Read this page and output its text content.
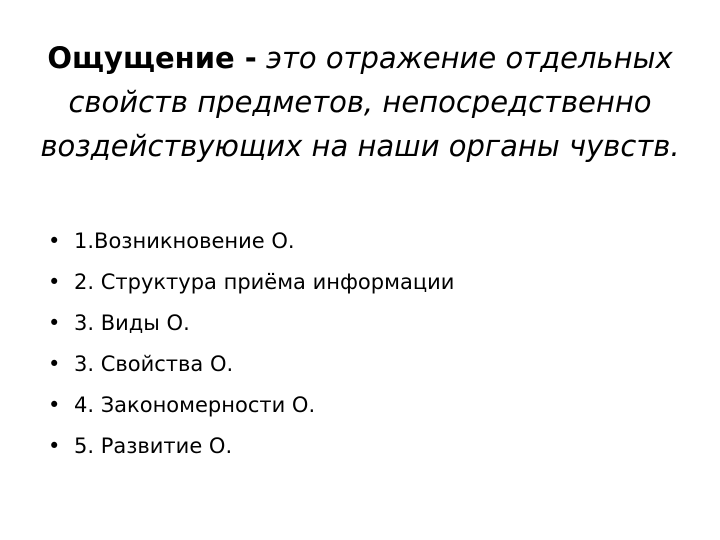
Ощущение - это отражение отдельных свойств предметов, непосредственно воздействующих на наши органы чувств.
• 1.Возникновение О.
• 2. Структура приёма информации
• 3. Виды О.
• 3. Свойства О.
• 4. Закономерности О.
• 5. Развитие О.
